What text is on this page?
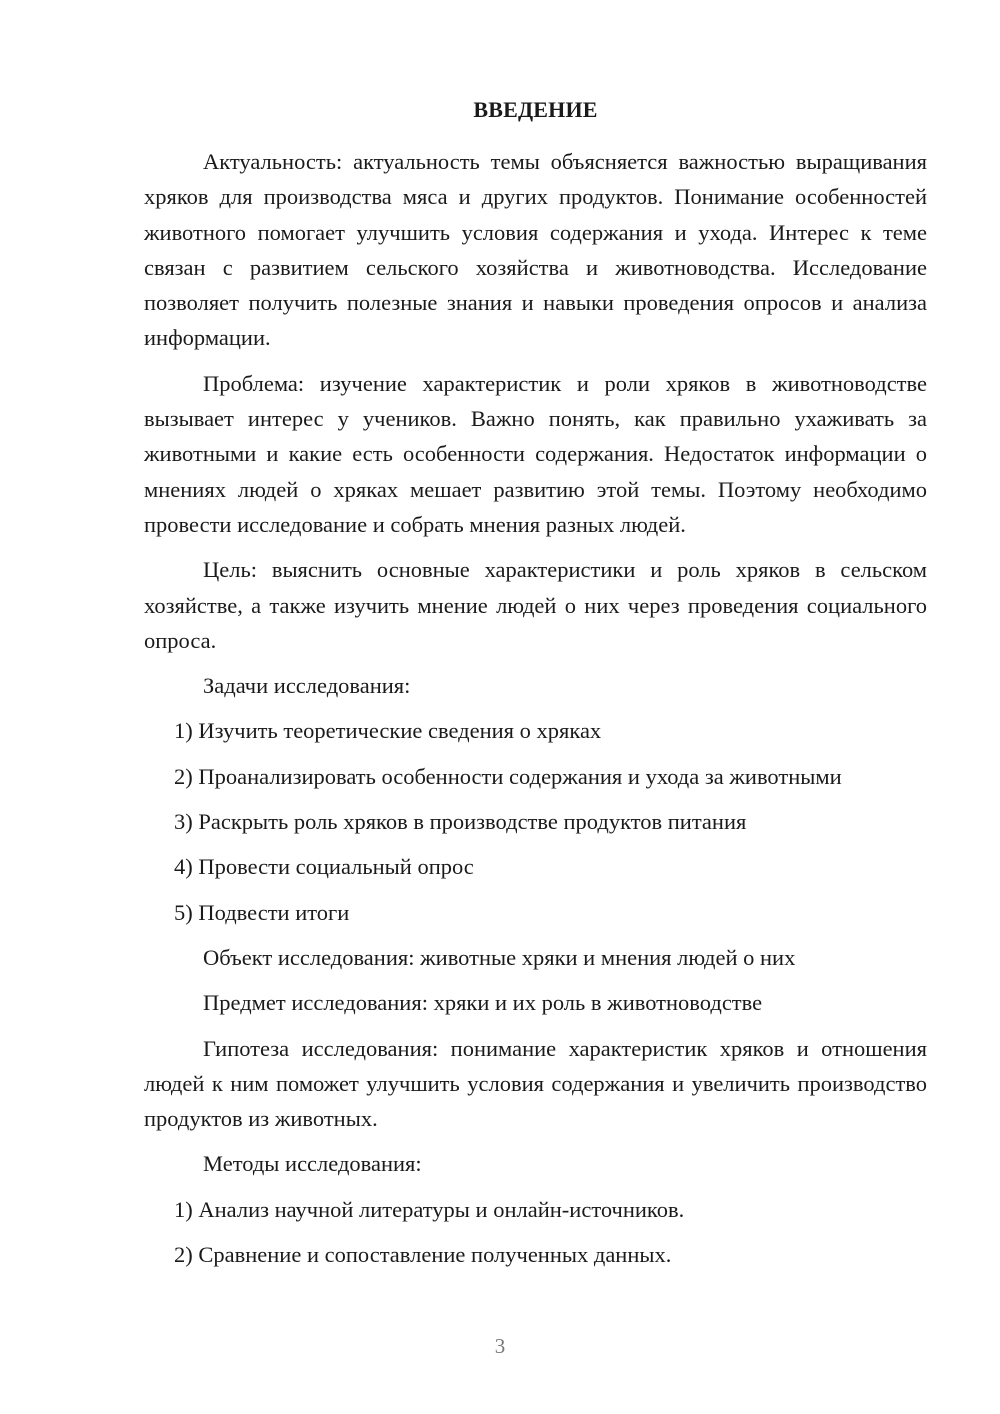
ВВЕДЕНИЕ

Актуальность: актуальность темы объясняется важностью выращивания хряков для производства мяса и других продуктов. Понимание особенностей животного помогает улучшить условия содержания и ухода. Интерес к теме связан с развитием сельского хозяйства и животноводства. Исследование позволяет получить полезные знания и навыки проведения опросов и анализа информации.

Проблема: изучение характеристик и роли хряков в животноводстве вызывает интерес у учеников. Важно понять, как правильно ухаживать за животными и какие есть особенности содержания. Недостаток информации о мнениях людей о хряках мешает развитию этой темы. Поэтому необходимо провести исследование и собрать мнения разных людей.

Цель: выяснить основные характеристики и роль хряков в сельском хозяйстве, а также изучить мнение людей о них через проведения социального опроса.

Задачи исследования:
1) Изучить теоретические сведения о хряках
2) Проанализировать особенности содержания и ухода за животными
3) Раскрыть роль хряков в производстве продуктов питания
4) Провести социальный опрос
5) Подвести итоги
Объект исследования: животные хряки и мнения людей о них
Предмет исследования: хряки и их роль в животноводстве

Гипотеза исследования: понимание характеристик хряков и отношения людей к ним поможет улучшить условия содержания и увеличить производство продуктов из животных.

Методы исследования:
1) Анализ научной литературы и онлайн-источников.
2) Сравнение и сопоставление полученных данных.
3
